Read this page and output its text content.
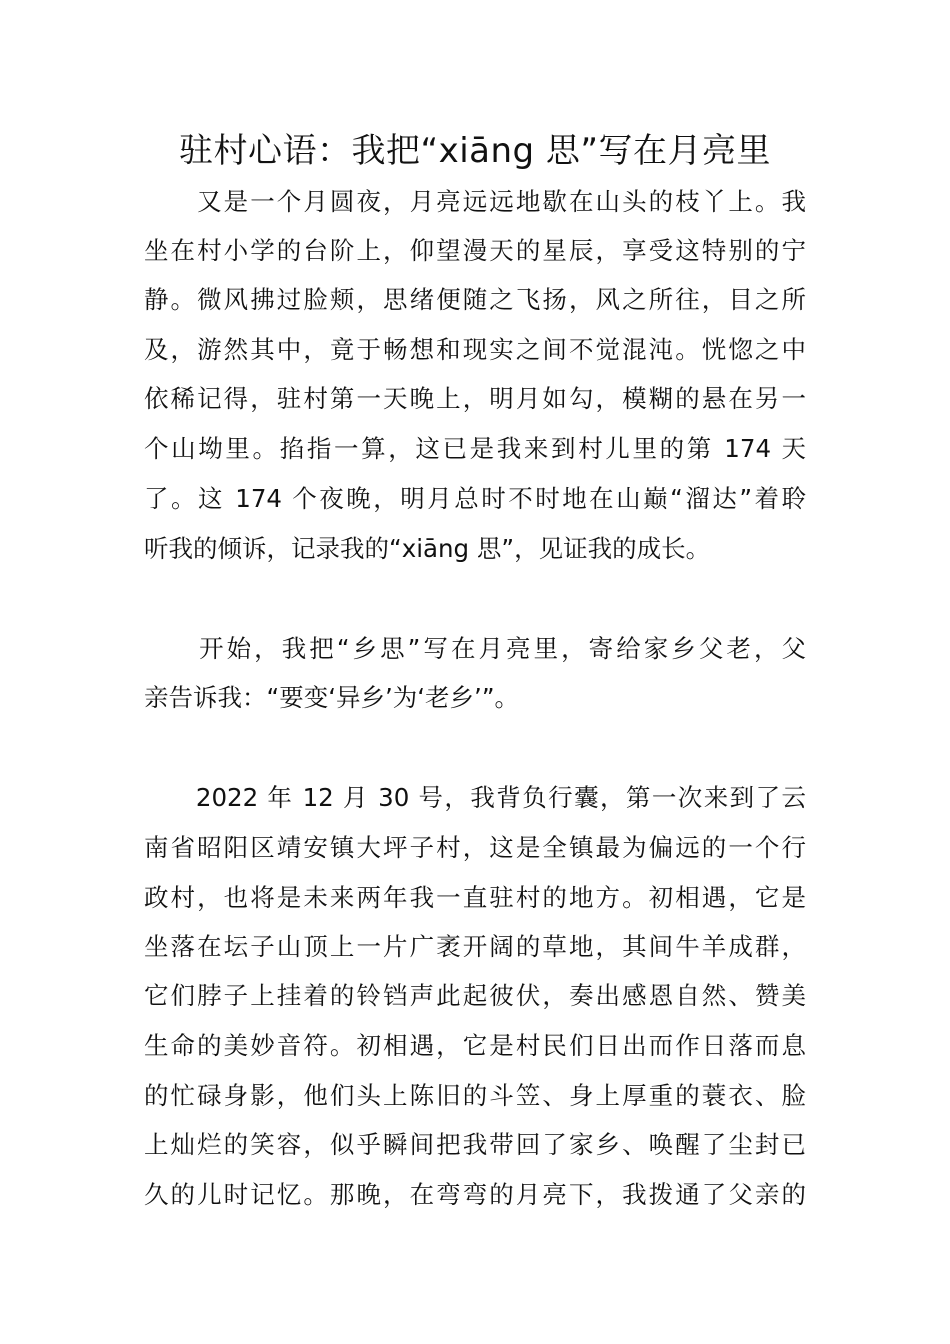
驻村心语：我把“xiāng 思”写在月亮里
　　又是一个月圆夜，月亮远远地歇在山头的枝丫上。我
坐在村小学的台阶上，仰望漫天的星辰，享受这特别的宁
静。微风拂过脸颊，思绪便随之飞扬，风之所往，目之所
及，游然其中，竟于畅想和现实之间不觉混沌。恍惚之中
依稀记得，驻村第一天晚上，明月如勾，模糊的悬在另一
个山坳里。掐指一算，这已是我来到村儿里的第 174 天
了。这 174 个夜晚，明月总时不时地在山巅“溜达”着聆
听我的倾诉，记录我的“xiāng 思”，见证我的成长。
　　开始，我把“乡思”写在月亮里，寄给家乡父老，父
亲告诉我：“要变‘异乡’为‘老乡’”。
　　2022 年 12 月 30 号，我背负行囊，第一次来到了云
南省昭阳区靖安镇大坪子村，这是全镇最为偏远的一个行
政村，也将是未来两年我一直驻村的地方。初相遇，它是
坐落在坛子山顶上一片广袤开阔的草地，其间牛羊成群，
它们脖子上挂着的铃铛声此起彼伏，奏出感恩自然、赞美
生命的美妙音符。初相遇，它是村民们日出而作日落而息
的忙碌身影，他们头上陈旧的斗笠、身上厚重的蓑衣、脸
上灿烂的笑容，似乎瞬间把我带回了家乡、唤醒了尘封已
久的儿时记忆。那晚，在弯弯的月亮下，我拨通了父亲的
